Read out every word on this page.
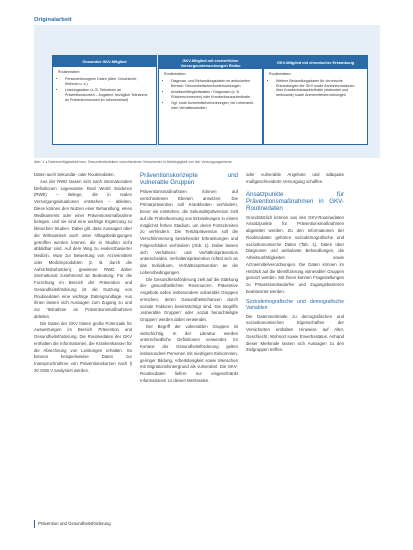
Originalarbeit
Gesundes GKV-Mitglied
Routinedaten:
• Personenbezogene Daten (Alter, Geschlecht, Wohnort u. a.)
• Leistungsdaten (z. B. Teilnahme an Präventionskursen – Angaben: bezüglich Teilnahme an Präventionskursen im Jahresverlauf)
GKV-Mitglied mit ersten/früher Vorsorgeuntersuchungen Risiko
Routinedaten:
• Diagnose- und Behandlungsdaten im ambulanten Bereich: Gesundheitscheckuntersuchungen
• Arbeitsunfähigkeitsdaten / Diagnosen (z. B. Rückenschmerzen) oder Krankenhausaufenthalte
• Ggf. erste Arzneimittelverordnungen, bei Lebensstil- oder Verhaltensrisiken
GKV-Mitglied mit chronischer Erkrankung
Routinedaten:
• Weitere Behandlungsdaten für chronische Erkrankungen der GKV sowie Ärzteinformationen über Krankenhausaufenthalte (stationäre und ambulante) sowie Arzneimittelverordnungen
Abb. 1 ◂ Datenverfügbarkeit bzw. Gesundheitsrisiken verschiedener Versicherter in Abhängigkeit von der Versorgungsebene

Daten auch Sekundär- oder Routinedaten.

Aus der RWD lassen sich nach internationalen Definitionen sogenannte Real World Evidence (RWE) – Belege, die in realen Versorgungssituationen entstehen – ableiten. Diese können den Nutzen einer Behandlung, eines Medikaments oder einer Präventionsmaßnahme belegen, und sie sind eine wichtige Ergänzung zu klinischen Studien. Dabei gilt, dass Aussagen über die Wirksamkeit auch unter Alltagsbedingungen getroffen werden können, die in Studien nicht abbildbar sind. Auf dem Weg zu evidenzbasierter Medizin, etwa zur Bewertung von Arzneimitteln oder Medizinprodukten (z. B. durch die Aufsichtsbehörden), gewinnen RWD daher international zunehmend an Bedeutung. Für die Forschung im Bereich der Prävention und Gesundheitsförderung ist die Nutzung von Routinedaten eine wichtige Datengrundlage. Aus ihnen lassen sich Aussagen zum Zugang zu und zur Teilnahme an Präventionsmaßnahmen ableiten.

Die Daten der GKV bieten große Potenziale für Auswertungen im Bereich Prävention und Gesundheitsförderung. Die Routinedaten der GKV enthalten die Informationen, die Krankenkassen für die Abrechnung von Leistungen erhalten. So können beispielsweise Daten zur Inanspruchnahme von Präventionskursen nach § 20 SGB V analysiert werden.

Präventionskonzepte und vulnerable Gruppen

Präventionsmaßnahmen können auf verschiedenen Ebenen ansetzen: Die Primärprävention soll Krankheiten verhindern, bevor sie entstehen, die Sekundärprävention zielt auf die Früherkennung von Erkrankungen in einem möglichst frühen Stadium, um deren Fortschreiten zu verhindern. Die Tertiärprävention soll die Verschlimmerung bestehender Erkrankungen und Folgeschäden verhindern (Abb. 1). Dabei lassen sich Verhaltens- und Verhältnisprävention unterscheiden. Verhaltensprävention richtet sich an das Individuum, Verhältnisprävention an die Lebensbedingungen.

Die Gesundheitsförderung zielt auf die Stärkung der gesundheitlichen Ressourcen. Präventive Angebote sollen insbesondere vulnerable Gruppen erreichen, deren Gesundheitschancen durch soziale Faktoren beeinträchtigt sind. Die Begriffe ‚vulnerable Gruppen‘ oder ‚sozial benachteiligte Gruppen‘ werden dabei verwendet.

Der Begriff der vulnerablen Gruppen ist vielschichtig. In der Literatur werden unterschiedliche Definitionen verwendet. Im Kontext der Gesundheitsförderung gelten insbesondere Personen mit niedrigem Einkommen, geringer Bildung, Arbeitslosigkeit sowie Menschen mit Migrationshintergrund als vulnerabel. Die GKV-Routinedaten liefern nur eingeschränkt Informationen zu diesen Merkmalen.

oder vulnerable Angebote und adäquate maßgeschneiderte Versorgung schaffen.

Ansatzpunkte für Präventionsmaßnahmen in GKV-Routinedaten

Grundsätzlich können aus den GKV-Routinedaten Ansatzpunkte für Präventionsmaßnahmen abgeleitet werden. Zu den Informationen der Routinedaten gehören soziodemografische und sozioökonomische Daten (Tab. 1), Daten über Diagnosen und ambulante Behandlungen, die Arbeitsunfähigkeiten sowie Arzneimittelverordnungen. Die Daten können im Hinblick auf die Identifizierung vulnerabler Gruppen genutzt werden. Mit ihnen können Fragestellungen zu Präventionsbedarfen und Zugangsbarrieren beantwortet werden.

Soziodemografische und demografische Variablen

Die Datenmerkmale zu demografischen und sozioökonomischen Eigenschaften der Versicherten enthalten Hinweise auf Alter, Geschlecht, Wohnort sowie Erwerbsstatus. Anhand dieser Merkmale lassen sich Aussagen zu den Zielgruppen treffen.

Prävention und Gesundheitsförderung
